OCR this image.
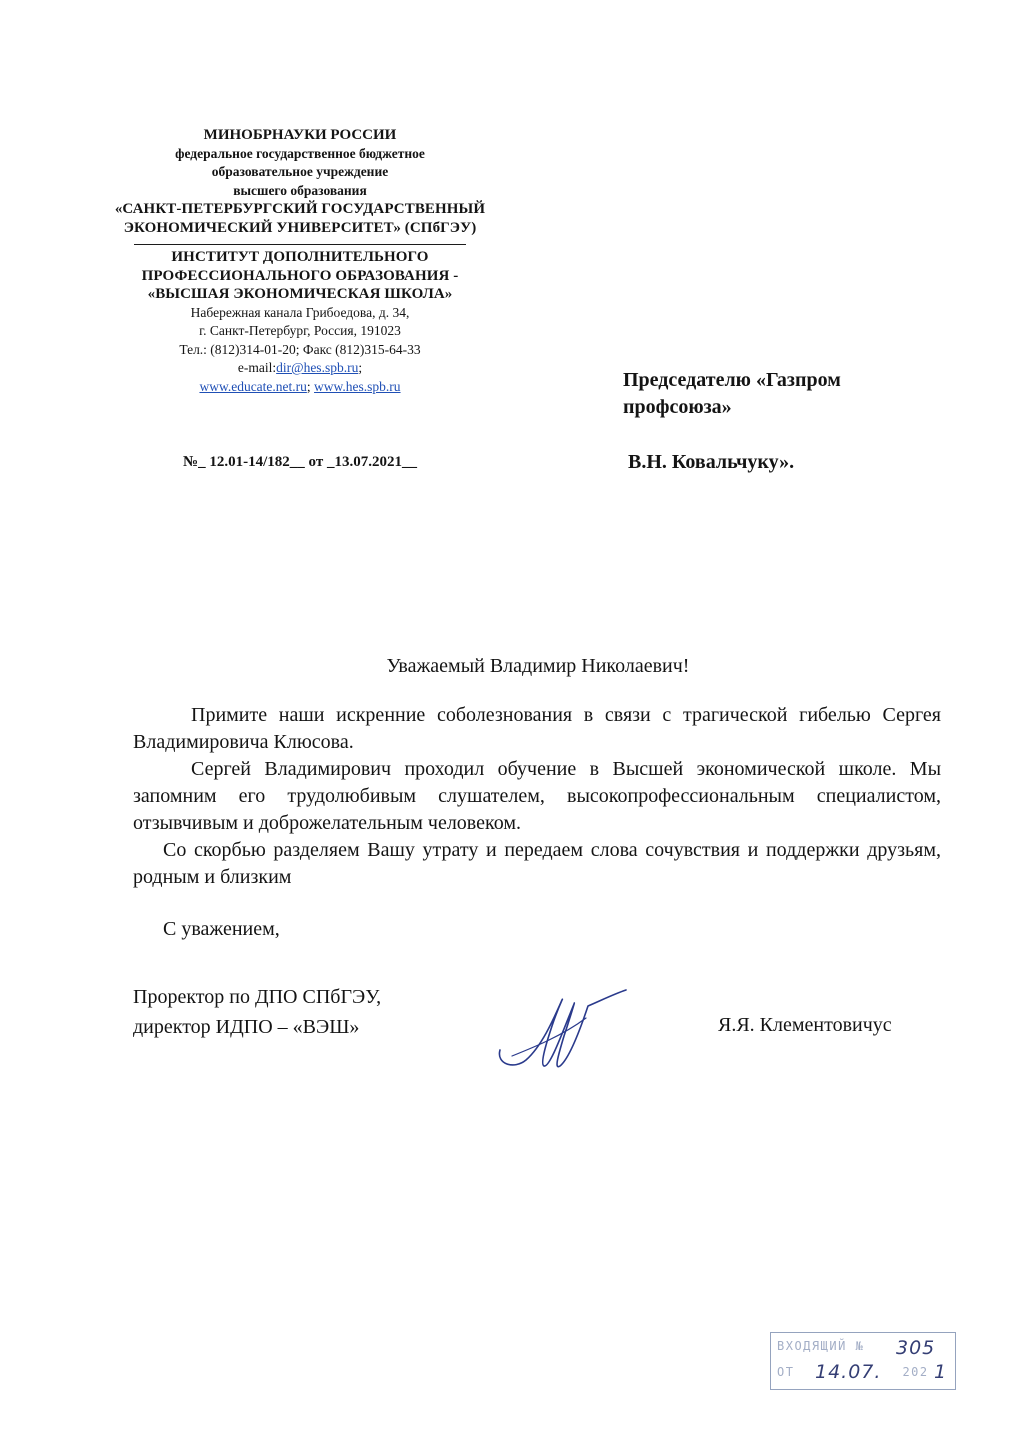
МИНОБРНАУКИ РОССИИ
федеральное государственное бюджетное
образовательное учреждение
высшего образования
«САНКТ-ПЕТЕРБУРГСКИЙ ГОСУДАРСТВЕННЫЙ
ЭКОНОМИЧЕСКИЙ УНИВЕРСИТЕТ» (СПбГЭУ)
ИНСТИТУТ ДОПОЛНИТЕЛЬНОГО
ПРОФЕССИОНАЛЬНОГО ОБРАЗОВАНИЯ -
«ВЫСШАЯ ЭКОНОМИЧЕСКАЯ ШКОЛА»
Набережная канала Грибоедова, д. 34,
г. Санкт-Петербург, Россия, 191023
Тел.: (812)314-01-20; Факс (812)315-64-33
e-mail:dir@hes.spb.ru;
www.educate.net.ru; www.hes.spb.ru
№_ 12.01-14/182__ от _13.07.2021__
Председателю «Газпром
профсоюза»
В.Н. Ковальчуку».
Уважаемый Владимир Николаевич!

Примите наши искренние соболезнования в связи с трагической гибелью Сергея Владимировича Клюсова.

Сергей Владимирович проходил обучение в Высшей экономической школе. Мы запомним его трудолюбивым слушателем, высокопрофессиональным специалистом, отзывчивым и доброжелательным человеком.

Со скорбью разделяем Вашу утрату и передаем слова сочувствия и поддержки друзьям, родным и близким

С уважением,
Проректор по ДПО СПбГЭУ,
директор ИДПО – «ВЭШ»	Я.Я. Клементовичус
ВХОДЯЩИЙ № 305
ОТ	202
14.07.	1
